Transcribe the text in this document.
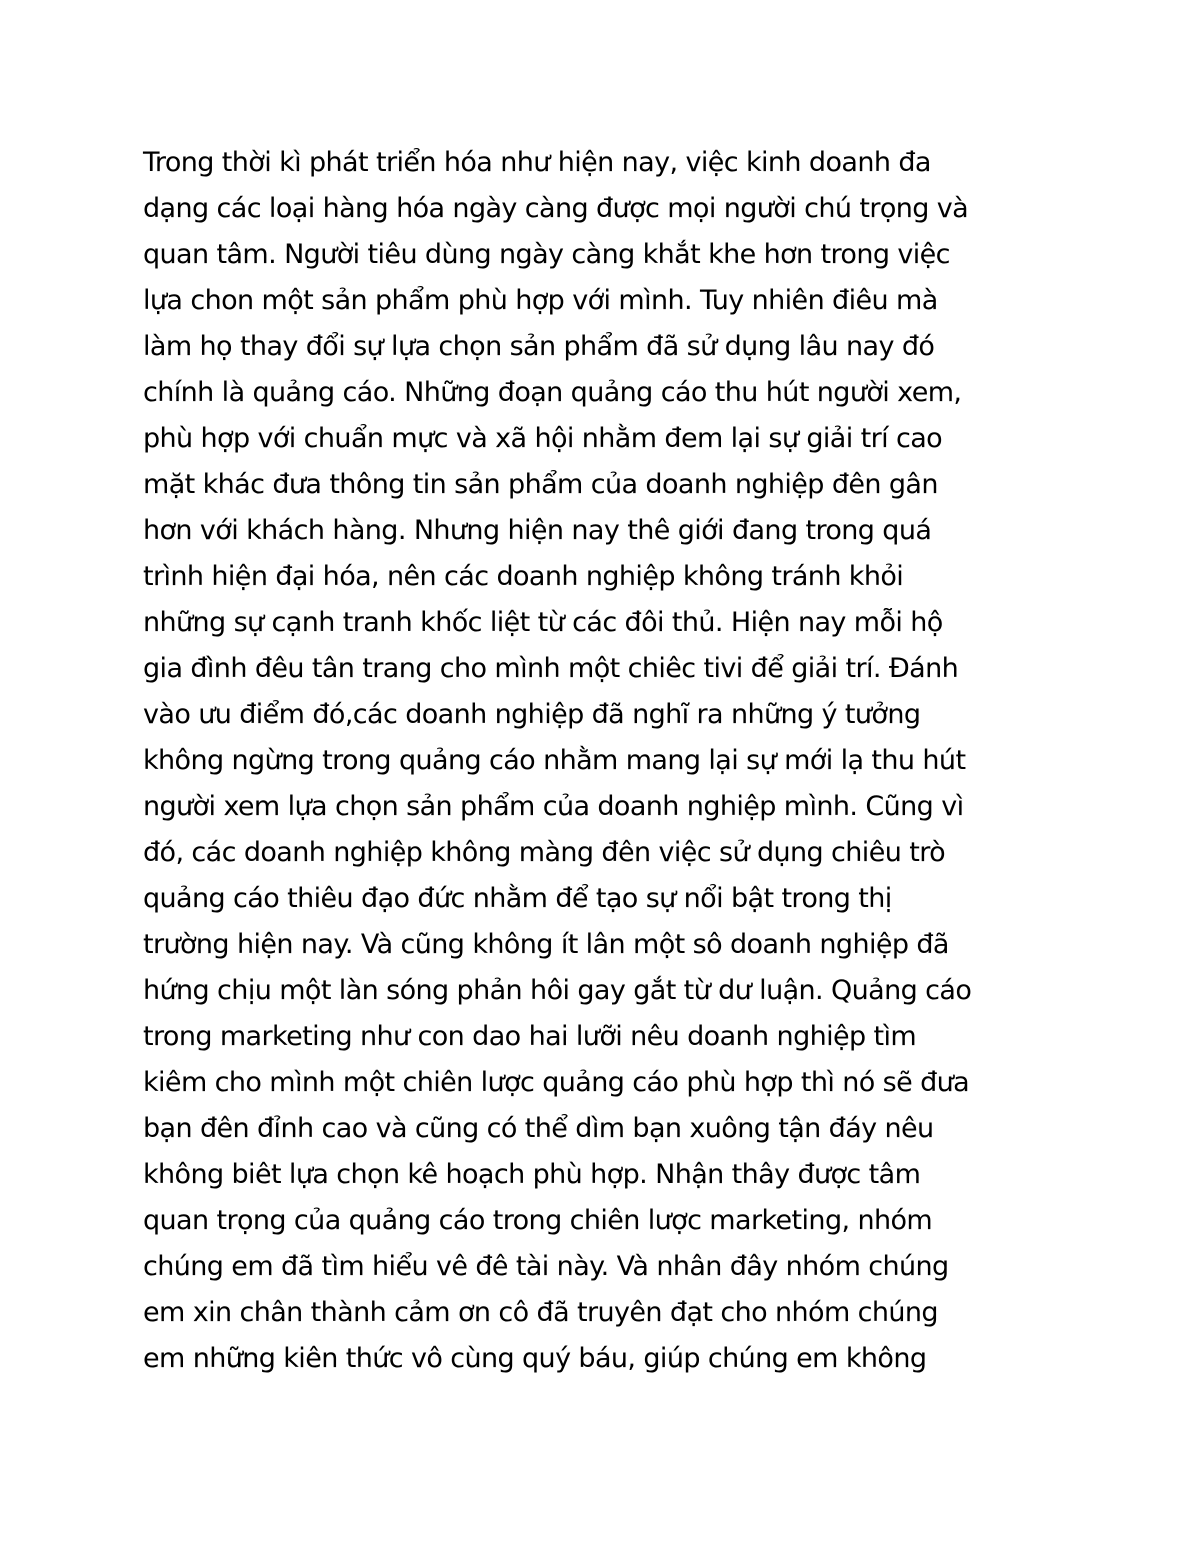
Trong thời kì phát triển hóa như hiện nay, việc kinh doanh đa
dạng các loại hàng hóa ngày càng được mọi người chú trọng và
quan tâm. Người tiêu dùng ngày càng khắt khe hơn trong việc
lựa chon một sản phẩm phù hợp với mình. Tuy nhiên điêu mà
làm họ thay đổi sự lựa chọn sản phẩm đã sử dụng lâu nay đó
chính là quảng cáo. Những đoạn quảng cáo thu hút người xem,
phù hợp với chuẩn mực và xã hội nhằm đem lại sự giải trí cao
mặt khác đưa thông tin sản phẩm của doanh nghiệp đên gân
hơn với khách hàng. Nhưng hiện nay thê giới đang trong quá
trình hiện đại hóa, nên các doanh nghiệp không tránh khỏi
những sự cạnh tranh khốc liệt từ các đôi thủ. Hiện nay mỗi hộ
gia đình đêu tân trang cho mình một chiêc tivi để giải trí. Đánh
vào ưu điểm đó,các doanh nghiệp đã nghĩ ra những ý tưởng
không ngừng trong quảng cáo nhằm mang lại sự mới lạ thu hút
người xem lựa chọn sản phẩm của doanh nghiệp mình. Cũng vì
đó, các doanh nghiệp không màng đên việc sử dụng chiêu trò
quảng cáo thiêu đạo đức nhằm để tạo sự nổi bật trong thị
trường hiện nay. Và cũng không ít lân một sô doanh nghiệp đã
hứng chịu một làn sóng phản hôi gay gắt từ dư luận. Quảng cáo
trong marketing như con dao hai lưỡi nêu doanh nghiệp tìm
kiêm cho mình một chiên lược quảng cáo phù hợp thì nó sẽ đưa
bạn đên đỉnh cao và cũng có thể dìm bạn xuông tận đáy nêu
không biêt lựa chọn kê hoạch phù hợp. Nhận thây được tâm
quan trọng của quảng cáo trong chiên lược marketing, nhóm
chúng em đã tìm hiểu vê đê tài này. Và nhân đây nhóm chúng
em xin chân thành cảm ơn cô đã truyên đạt cho nhóm chúng
em những kiên thức vô cùng quý báu, giúp chúng em không
